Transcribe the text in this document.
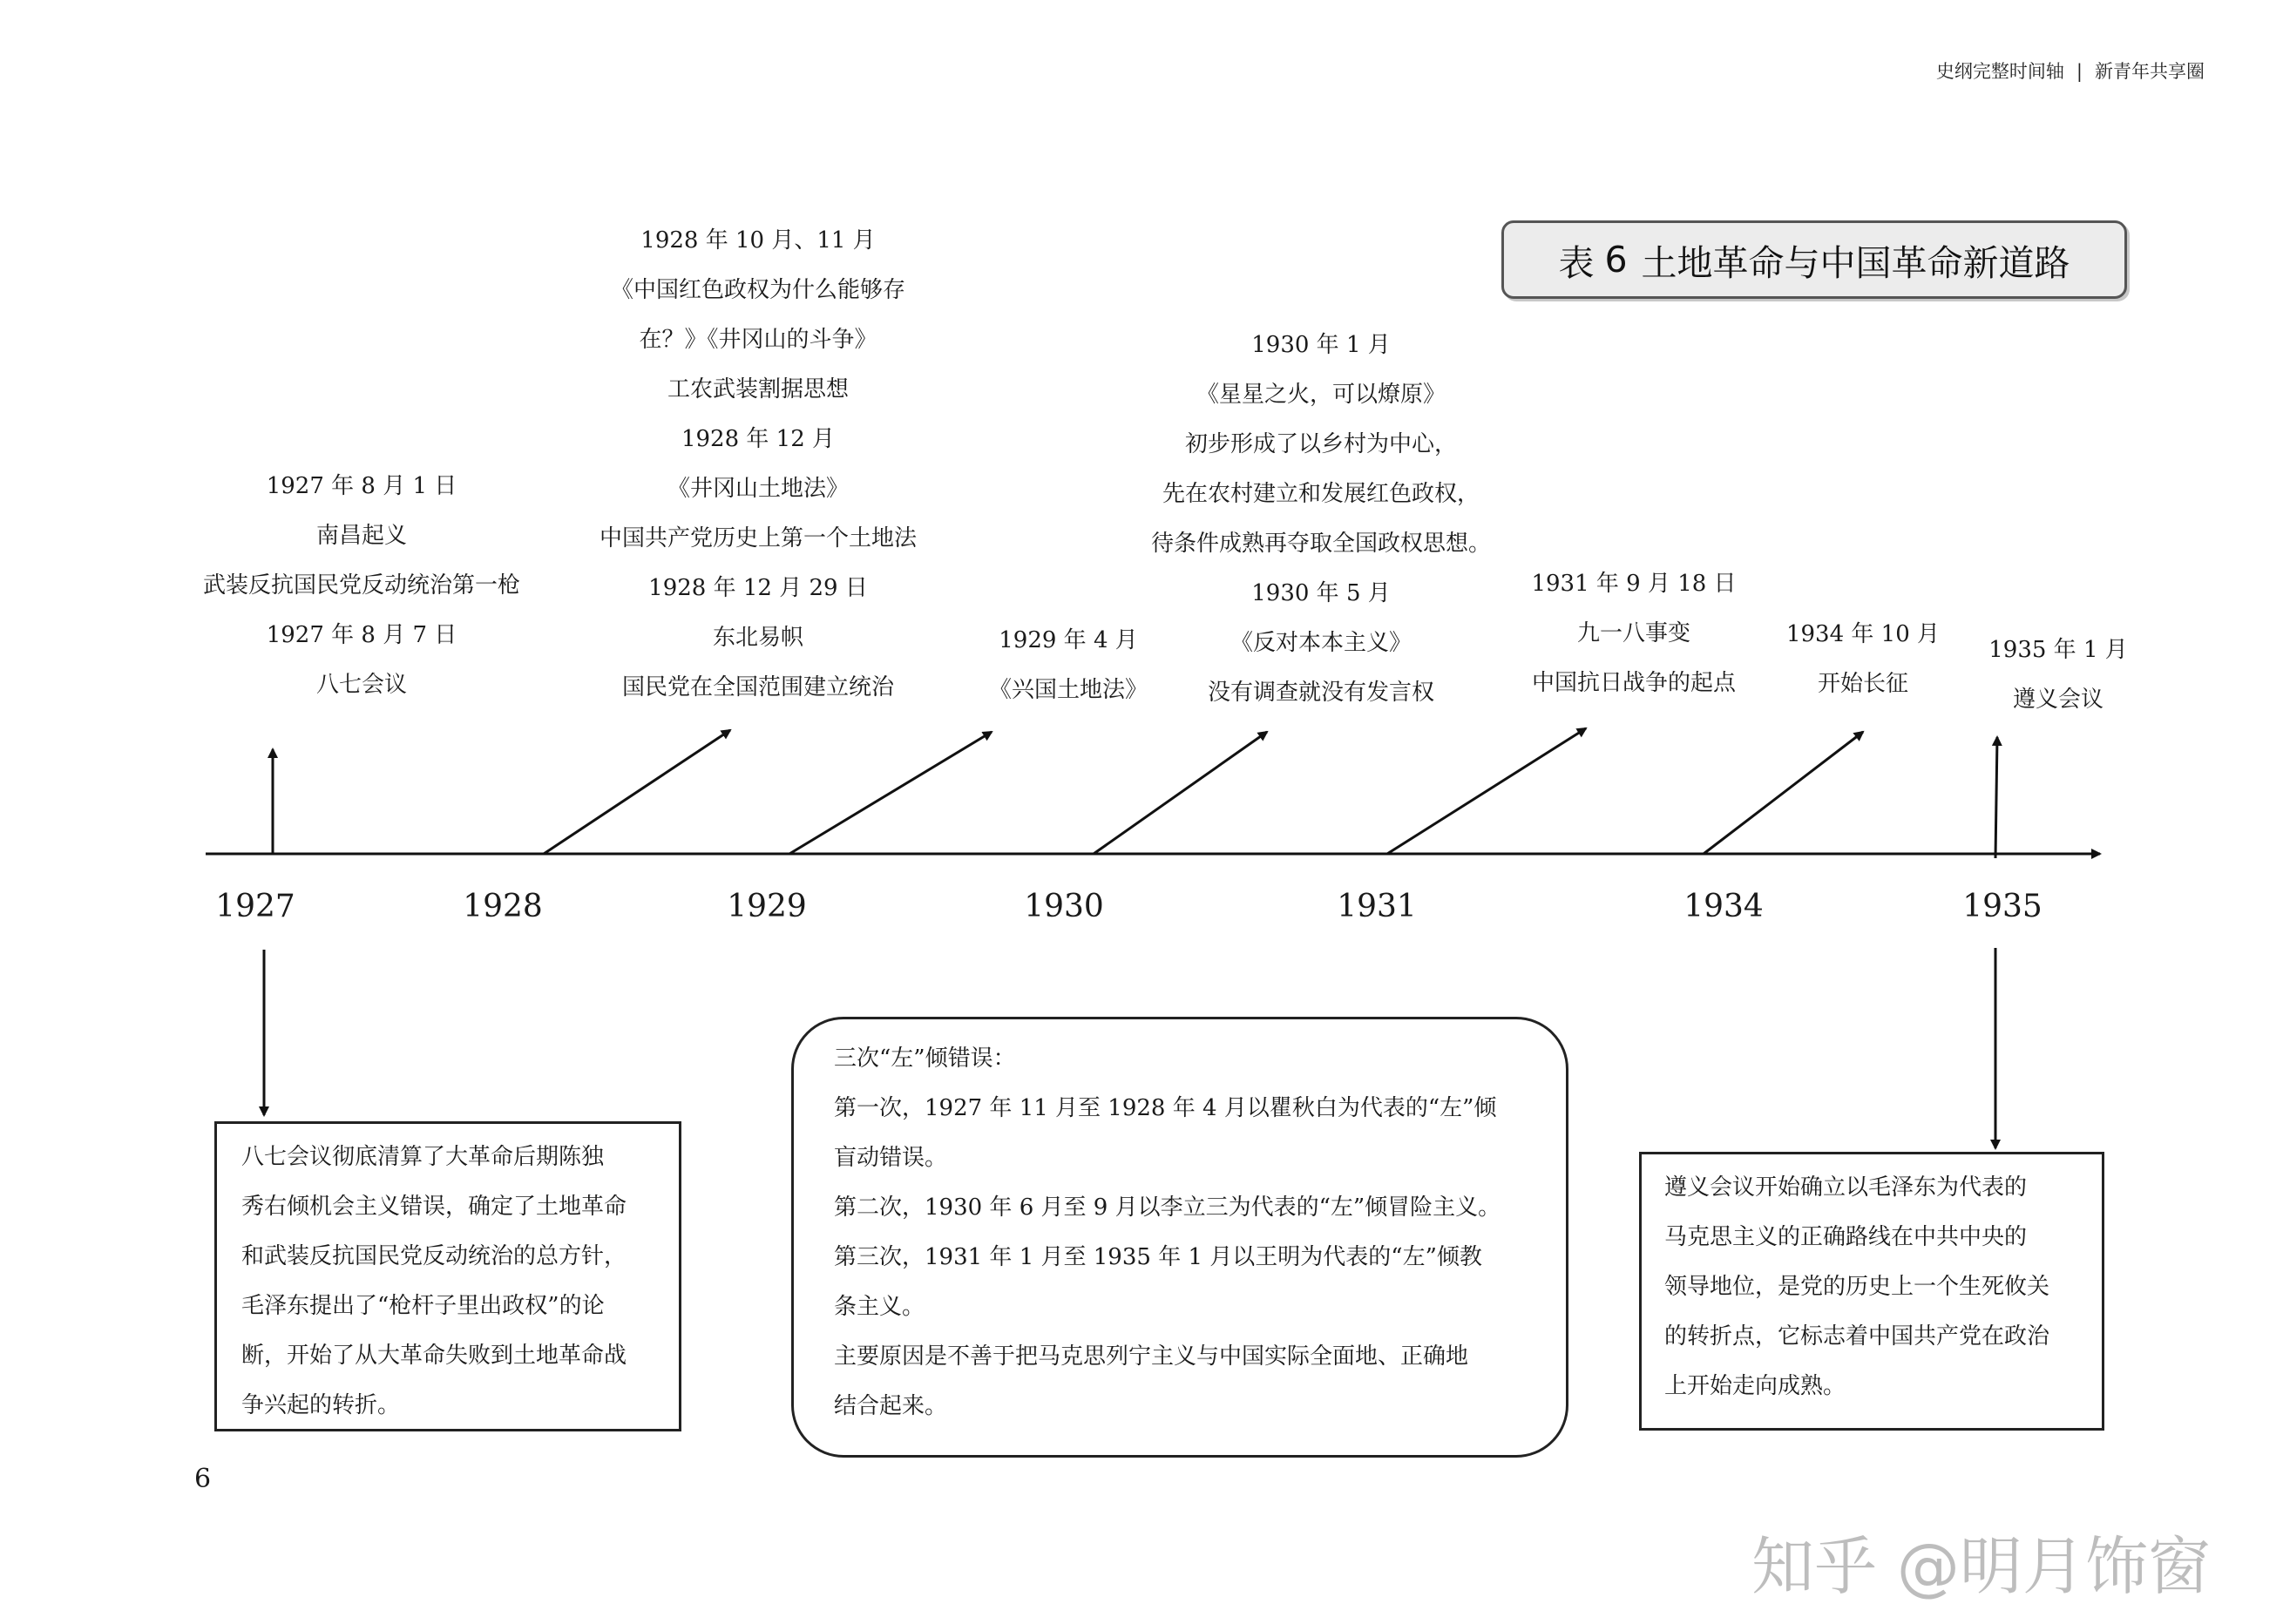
史纲完整时间轴 | 新青年共享圈
表 6 土地革命与中国革命新道路
1927 年 8 月 1 日
南昌起义
武装反抗国民党反动统治第一枪
1927 年 8 月 7 日
八七会议
1928 年 10 月、11 月
《中国红色政权为什么能够存
在？》《井冈山的斗争》
工农武装割据思想
1928 年 12 月
《井冈山土地法》
中国共产党历史上第一个土地法
1928 年 12 月 29 日
东北易帜
国民党在全国范围建立统治
1929 年 4 月
《兴国土地法》
1930 年 1 月
《星星之火，可以燎原》
初步形成了以乡村为中心，
先在农村建立和发展红色政权，
待条件成熟再夺取全国政权思想。
1930 年 5 月
《反对本本主义》
没有调查就没有发言权
1931 年 9 月 18 日
九一八事变
中国抗日战争的起点
1934 年 10 月
开始长征
1935 年 1 月
遵义会议
1927	1928	1929	1930	1931	1934	1935
八七会议彻底清算了大革命后期陈独
秀右倾机会主义错误，确定了土地革命
和武装反抗国民党反动统治的总方针，
毛泽东提出了“枪杆子里出政权”的论
断，开始了从大革命失败到土地革命战
争兴起的转折。
三次“左”倾错误：
第一次，1927 年 11 月至 1928 年 4 月以瞿秋白为代表的“左”倾
盲动错误。
第二次，1930 年 6 月至 9 月以李立三为代表的“左”倾冒险主义。
第三次，1931 年 1 月至 1935 年 1 月以王明为代表的“左”倾教
条主义。
主要原因是不善于把马克思列宁主义与中国实际全面地、正确地
结合起来。
遵义会议开始确立以毛泽东为代表的
马克思主义的正确路线在中共中央的
领导地位，是党的历史上一个生死攸关
的转折点，它标志着中国共产党在政治
上开始走向成熟。
6
知乎 @明月饰窗
